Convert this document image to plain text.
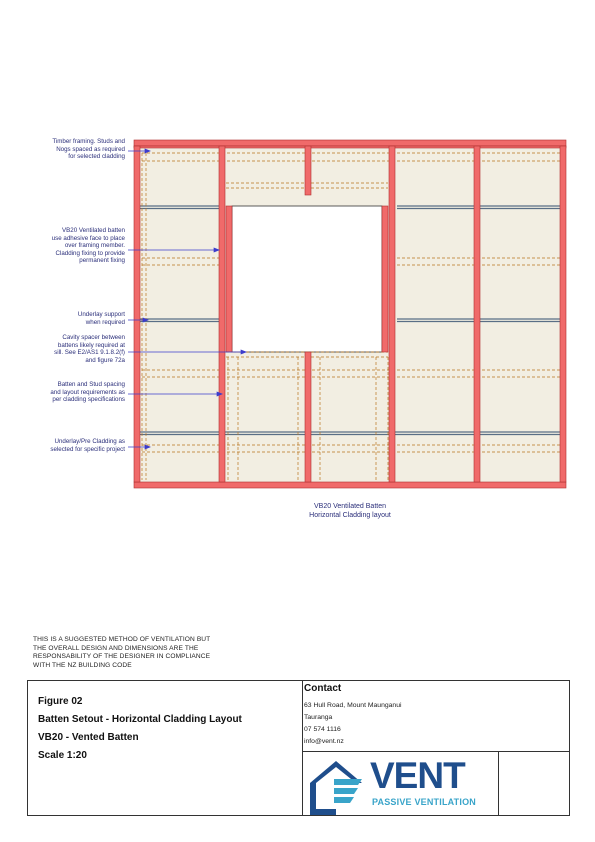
Timber framing. Studs and
Nogs spaced as required
for selected cladding
VB20 Ventilated batten
use adhesive face to place
over framing member.
Cladding fixing to provide
permanent fixing
Underlay support
when required
Cavity spacer between
battens likely required at
sill. See E2/AS1 9.1.8.2(f)
and figure 72a
Batten and Stud spacing
and layout requirements as
per cladding specifications
Underlay/Pre Cladding as
selected for specific project
VB20 Ventilated Batten
Horizontal Cladding layout
THIS IS A SUGGESTED METHOD OF VENTILATION BUT
THE OVERALL DESIGN AND DIMENSIONS ARE THE
RESPONSABILITY OF THE DESIGNER IN COMPLIANCE
WITH THE NZ BUILDING CODE
Figure 02
Batten Setout - Horizontal Cladding Layout
VB20 - Vented Batten
Scale 1:20
Contact
63 Hull Road, Mount Maunganui
Tauranga
07 574 1116
info@vent.nz
VENT
PASSIVE VENTILATION
